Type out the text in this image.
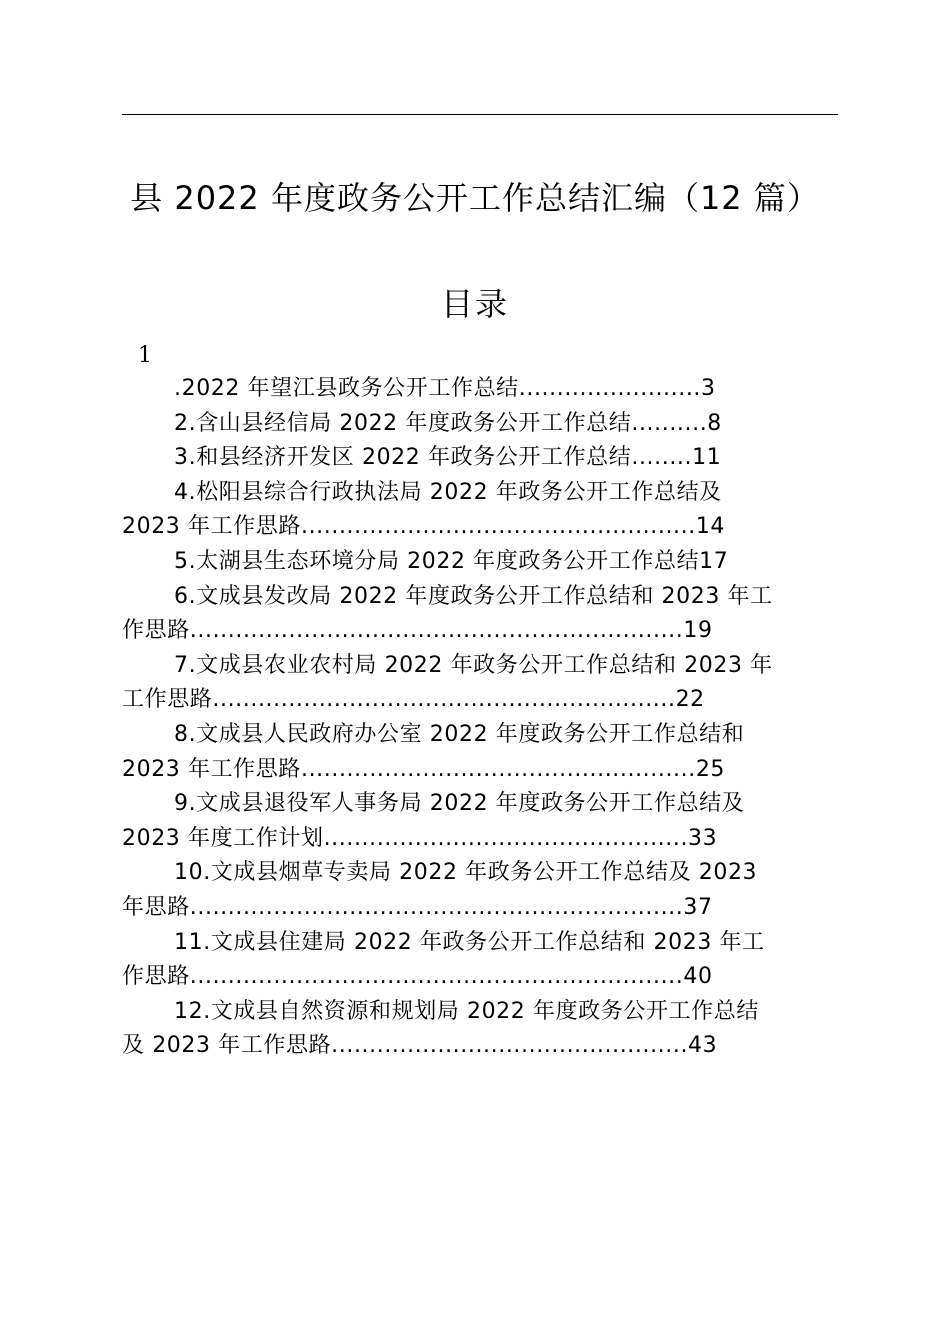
县 2022 年度政务公开工作总结汇编（12 篇）
目录
1
.2022 年望江县政务公开工作总结........................3
2.含山县经信局 2022 年度政务公开工作总结..........8
3.和县经济开发区 2022 年政务公开工作总结........11
4.松阳县综合行政执法局 2022 年政务公开工作总结及
2023 年工作思路....................................................14
5.太湖县生态环境分局 2022 年度政务公开工作总结17
6.文成县发改局 2022 年度政务公开工作总结和 2023 年工
作思路.................................................................19
7.文成县农业农村局 2022 年政务公开工作总结和 2023 年
工作思路.............................................................22
8.文成县人民政府办公室 2022 年度政务公开工作总结和
2023 年工作思路....................................................25
9.文成县退役军人事务局 2022 年度政务公开工作总结及
2023 年度工作计划................................................33
10.文成县烟草专卖局 2022 年政务公开工作总结及 2023
年思路.................................................................37
11.文成县住建局 2022 年政务公开工作总结和 2023 年工
作思路.................................................................40
12.文成县自然资源和规划局 2022 年度政务公开工作总结
及 2023 年工作思路...............................................43
